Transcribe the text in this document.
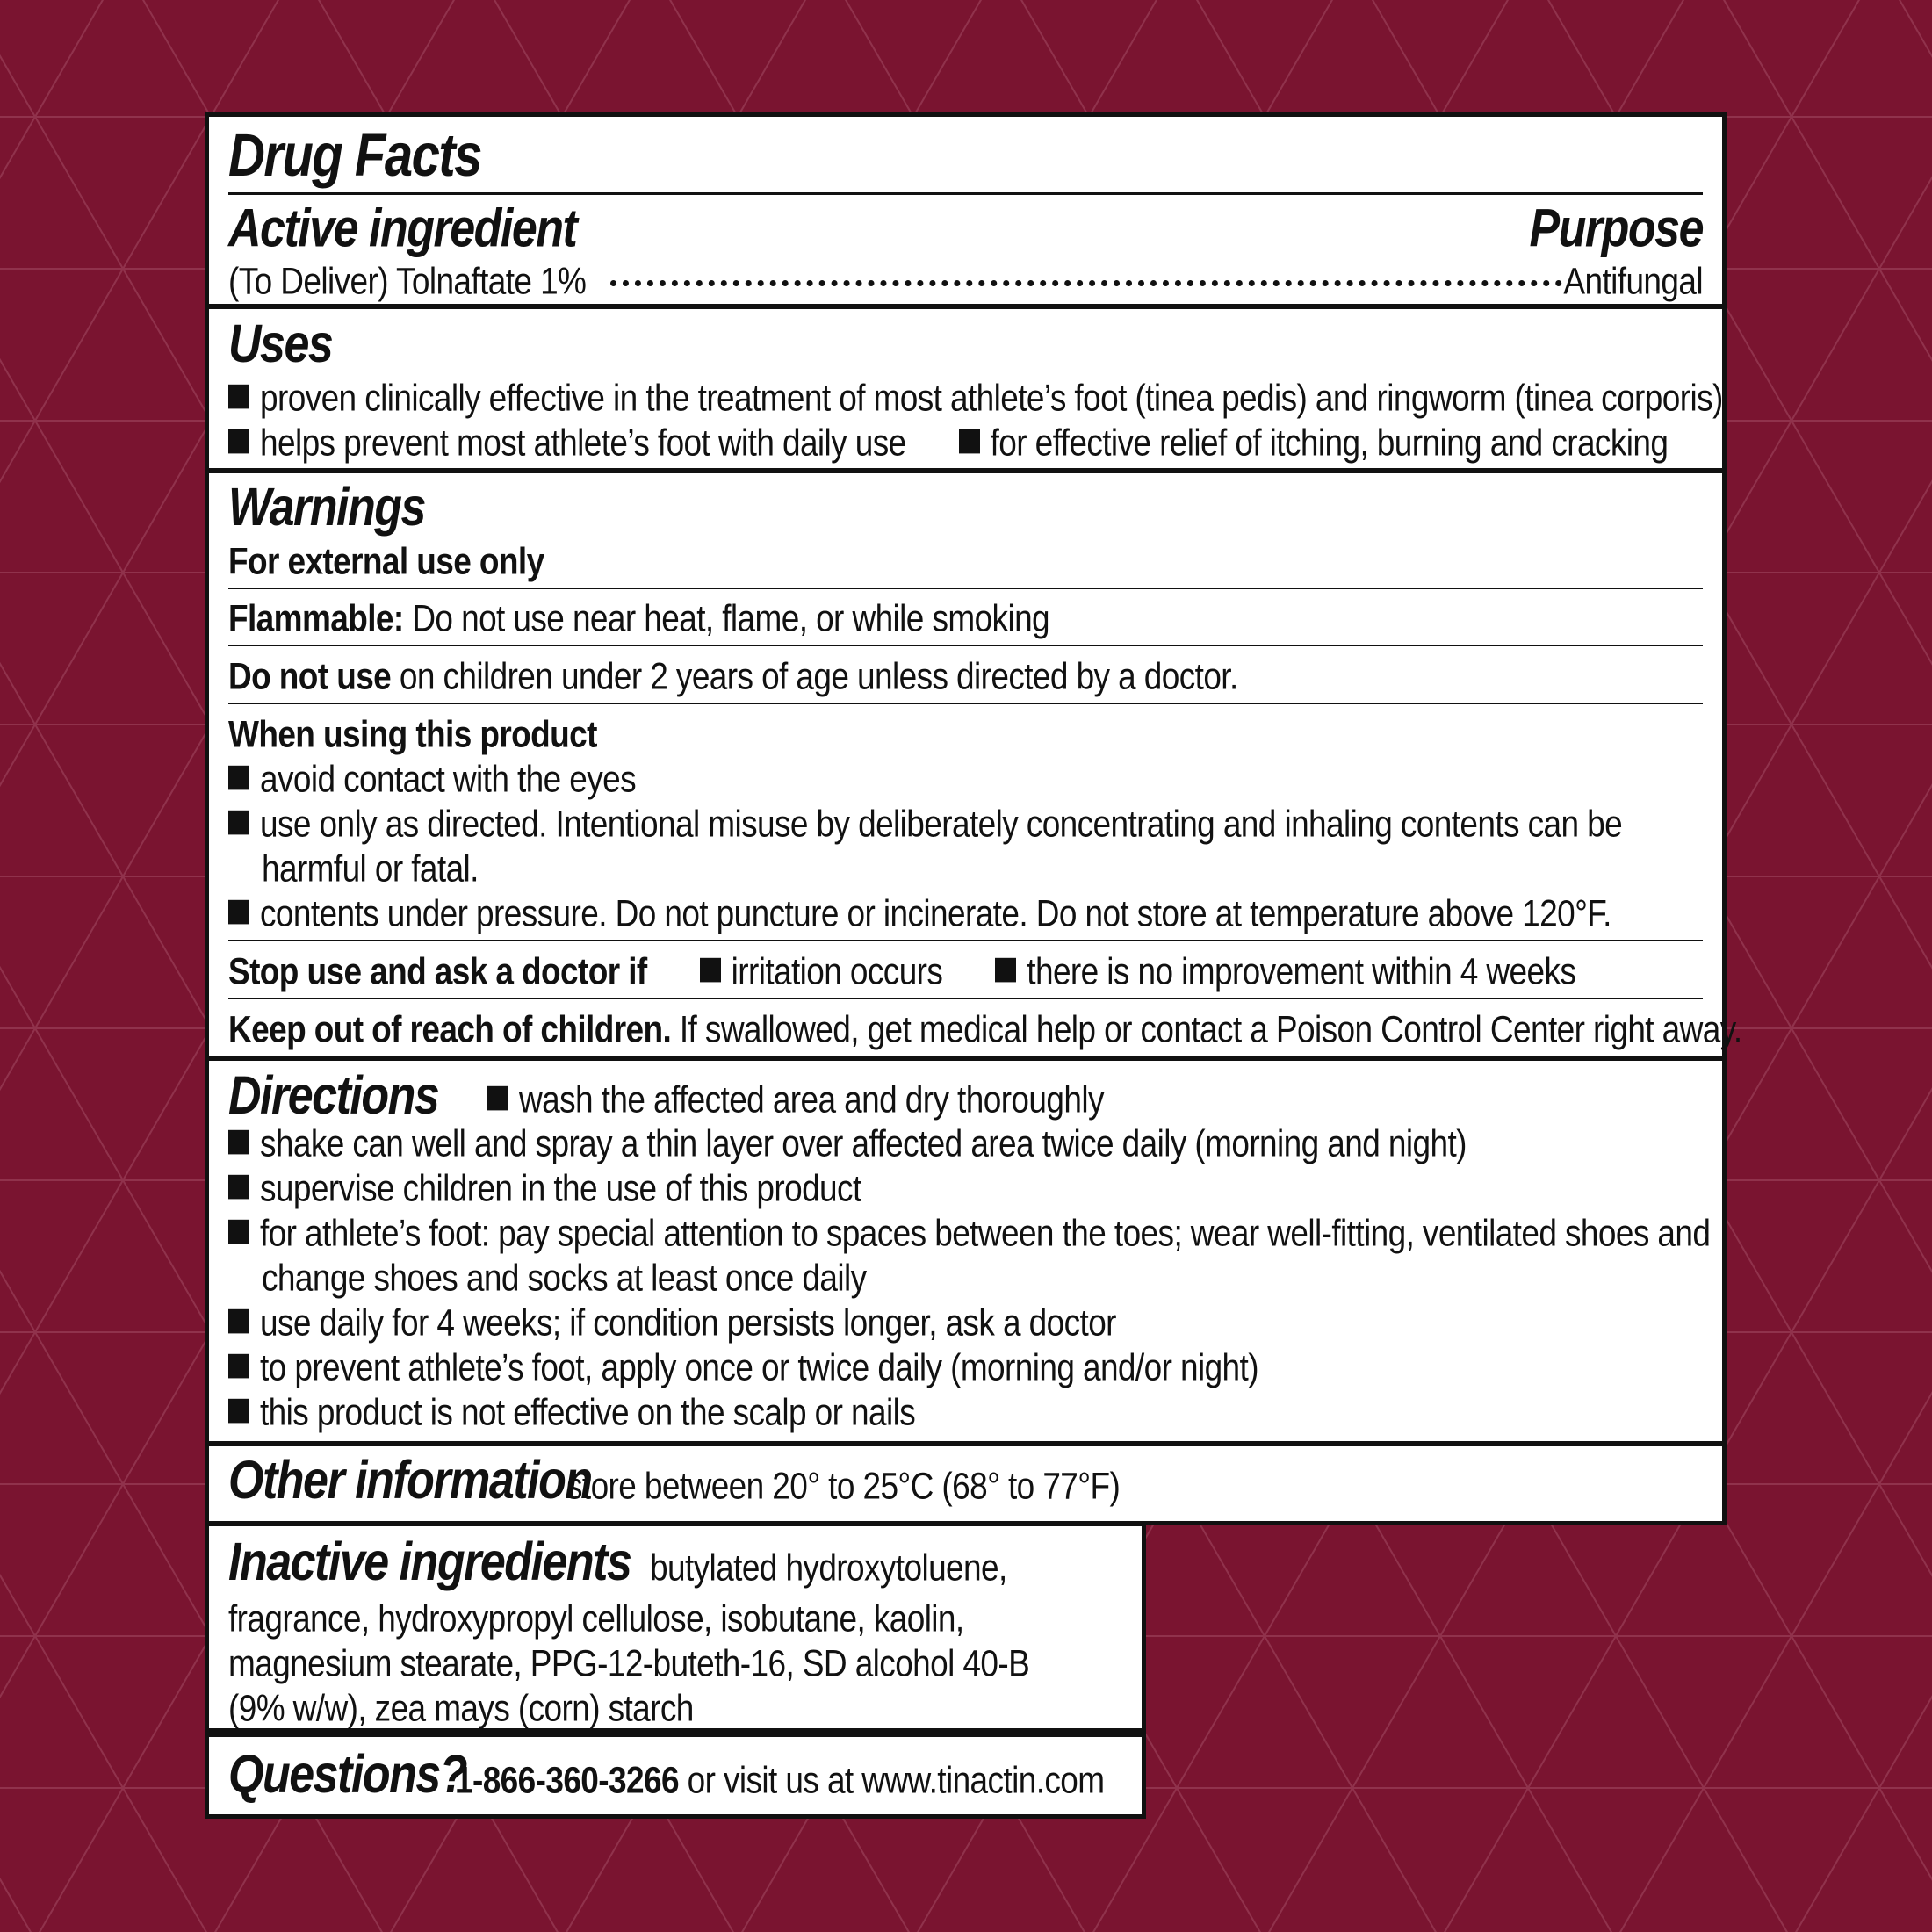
Drug Facts
Active ingredient	Purpose
(To Deliver) Tolnaftate 1%	Antifungal
Uses
proven clinically effective in the treatment of most athlete’s foot (tinea pedis) and ringworm (tinea corporis)
helps prevent most athlete’s foot with daily use	for effective relief of itching, burning and cracking
Warnings
For external use only
Flammable: Do not use near heat, flame, or while smoking
Do not use on children under 2 years of age unless directed by a doctor.
When using this product
avoid contact with the eyes
use only as directed. Intentional misuse by deliberately concentrating and inhaling contents can be
harmful or fatal.
contents under pressure. Do not puncture or incinerate. Do not store at temperature above 120°F.
Stop use and ask a doctor if	irritation occurs	there is no improvement within 4 weeks
Keep out of reach of children. If swallowed, get medical help or contact a Poison Control Center right away.
Directions	wash the affected area and dry thoroughly
shake can well and spray a thin layer over affected area twice daily (morning and night)
supervise children in the use of this product
for athlete’s foot: pay special attention to spaces between the toes; wear well-fitting, ventilated shoes and
change shoes and socks at least once daily
use daily for 4 weeks; if condition persists longer, ask a doctor
to prevent athlete’s foot, apply once or twice daily (morning and/or night)
this product is not effective on the scalp or nails
Other information
store between 20° to 25°C (68° to 77°F)
Inactive ingredients butylated hydroxytoluene,
fragrance, hydroxypropyl cellulose, isobutane, kaolin,
magnesium stearate, PPG-12-buteth-16, SD alcohol 40-B
(9% w/w), zea mays (corn) starch
Questions?
1-866-360-3266 or visit us at www.tinactin.com
